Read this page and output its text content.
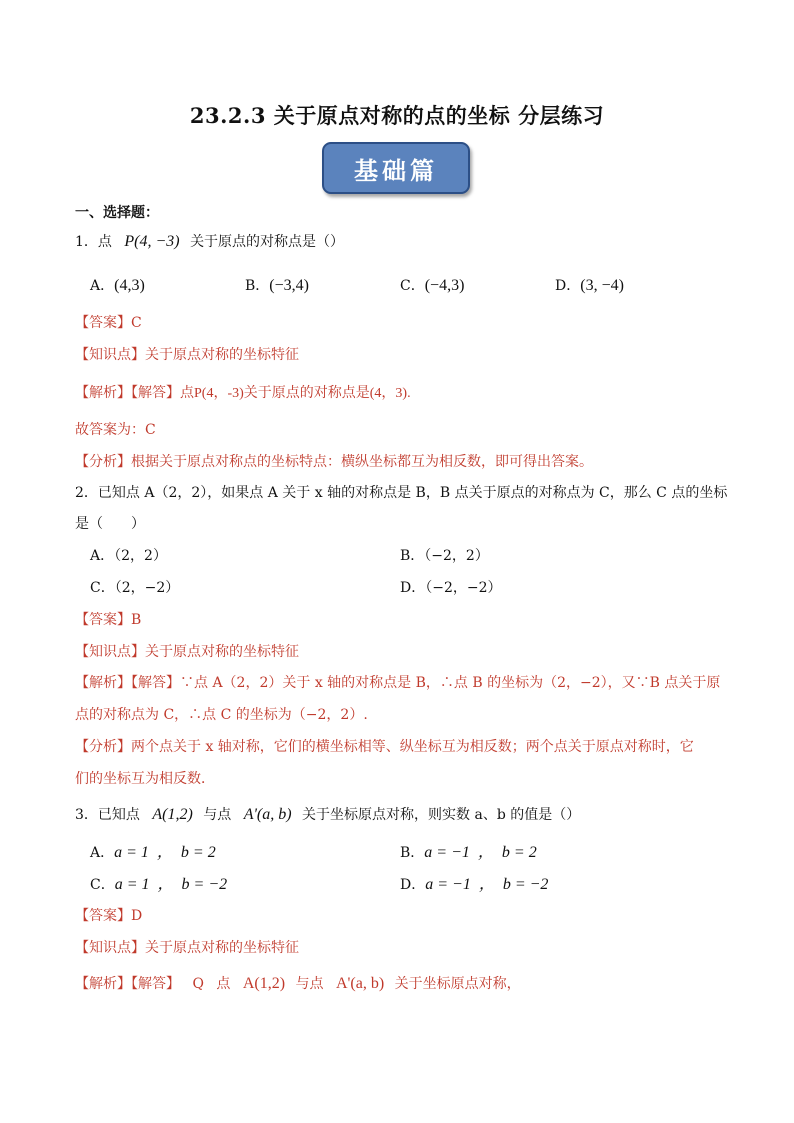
23.2.3 关于原点对称的点的坐标 分层练习
基础篇
一、选择题：
1．点 P(4, −3) 关于原点的对称点是（）
A．(4,3)	B．(−3,4)	C．(−4,3)	D．(3, −4)
【答案】C
【知识点】关于原点对称的坐标特征
【解析】【解答】点P(4，-3)关于原点的对称点是(4，3).
故答案为：C
【分析】根据关于原点对称点的坐标特点：横纵坐标都互为相反数，即可得出答案。
2．已知点 A（2，2），如果点 A 关于 x 轴的对称点是 B，B 点关于原点的对称点为 C，那么 C 点的坐标
是（　　）
A．（2，2）	B．（−2，2）
C．（2，−2）	D．（−2，−2）
【答案】B
【知识点】关于原点对称的坐标特征
【解析】【解答】∵点 A（2，2）关于 x 轴的对称点是 B，∴点 B 的坐标为（2，−2），又∵B 点关于原
点的对称点为 C，∴点 C 的坐标为（−2，2）.
【分析】两个点关于 x 轴对称，它们的横坐标相等、纵坐标互为相反数；两个点关于原点对称时，它
们的坐标互为相反数．
3．已知点 A(1,2) 与点 A'(a, b) 关于坐标原点对称，则实数 a、b 的值是（）
A．a = 1  ，  b = 2	B．a = −1  ，  b = 2
C．a = 1  ，  b = −2	D．a = −1  ，  b = −2
【答案】D
【知识点】关于原点对称的坐标特征
【解析】【解答】 Q 点 A(1,2) 与点 A'(a, b) 关于坐标原点对称，
